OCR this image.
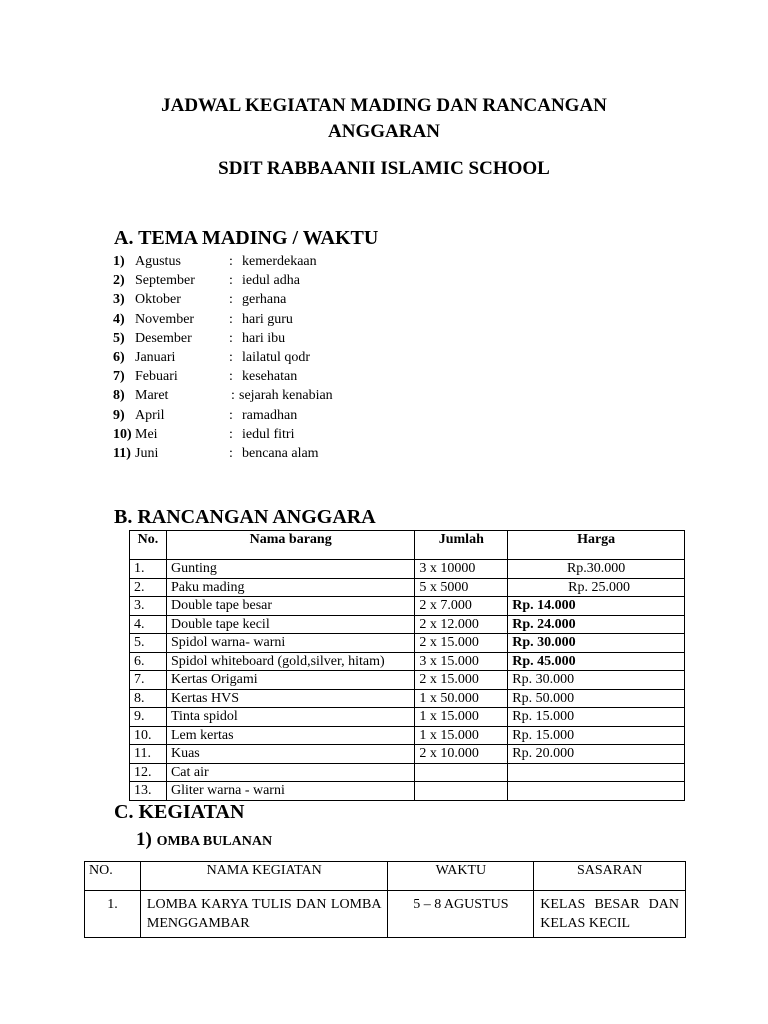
JADWAL KEGIATAN MADING DAN RANCANGAN
ANGGARAN
SDIT RABBAANII ISLAMIC SCHOOL
A. TEMA MADING / WAKTU
1) Agustus	: kemerdekaan
2) September : iedul adha
3) Oktober	: gerhana
4) November : hari guru
5) Desember	: hari ibu
6) Januari	: lailatul qodr
7) Febuari	: kesehatan
8) Maret	: sejarah kenabian
9) April	: ramadhan
10) Mei	: iedul fitri
11) Juni	: bencana alam
B. RANCANGAN ANGGARA
No.	Nama barang	Jumlah	Harga
1.	Gunting	3 x 10000	Rp.30.000
2.	Paku mading	5 x 5000	Rp. 25.000
3.	Double tape besar	2 x 7.000	Rp. 14.000
4.	Double tape kecil	2 x 12.000	Rp. 24.000
5.	Spidol warna- warni	2 x 15.000	Rp. 30.000
6.	Spidol whiteboard (gold,silver, hitam)	3 x 15.000	Rp. 45.000
7.	Kertas Origami	2 x 15.000	Rp. 30.000
8.	Kertas HVS	1 x 50.000	Rp. 50.000
9.	Tinta spidol	1 x 15.000	Rp. 15.000
10.	Lem kertas	1 x 15.000	Rp. 15.000
11.	Kuas	2 x 10.000	Rp. 20.000
12.	Cat air		
13.	Gliter warna - warni		
C. KEGIATAN
1) OMBA BULANAN
NO.	NAMA KEGIATAN	WAKTU	SASARAN
1.	LOMBA KARYA TULIS DAN LOMBA MENGGAMBAR	5 – 8 AGUSTUS	KELAS BESAR DAN KELAS KECIL
